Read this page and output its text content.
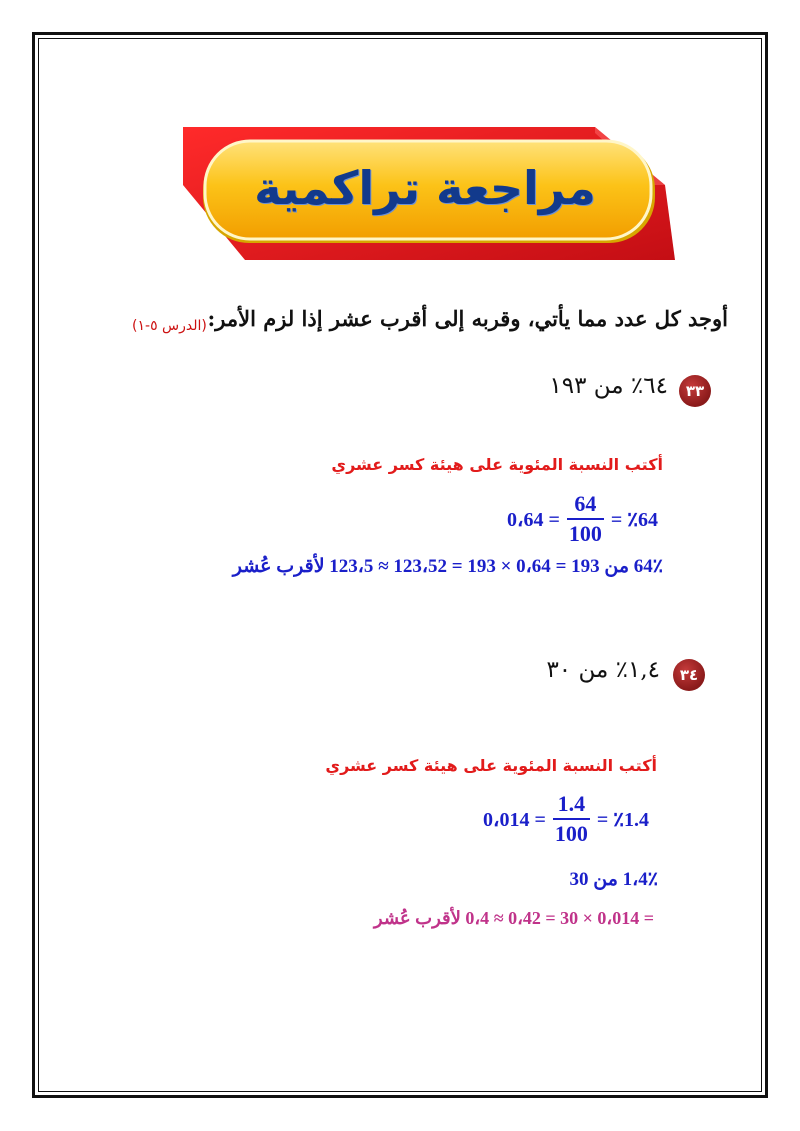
مراجعة تراكمية
أوجد كل عدد مما يأتي، وقربه إلى أقرب عشر إذا لزم الأمر:
(الدرس ٥-١)
٣٣
٦٤٪ من ١٩٣
أكتب النسبة المئوية على هيئة كسر عشري
0،64 = $\frac{64}{100}$ = ٪64
64٪ من 193 = 0،64 × 193 = 123،52 ≈ 123،5 لأقرب عُشر
٣٤
١,٤٪ من ٣٠
أكتب النسبة المئوية على هيئة كسر عشري
0،014 = $\frac{1.4}{100}$ = ٪1.4
1،4٪ من 30
= 0،014 × 30 = 0،42 ≈ 0،4 لأقرب عُشر
